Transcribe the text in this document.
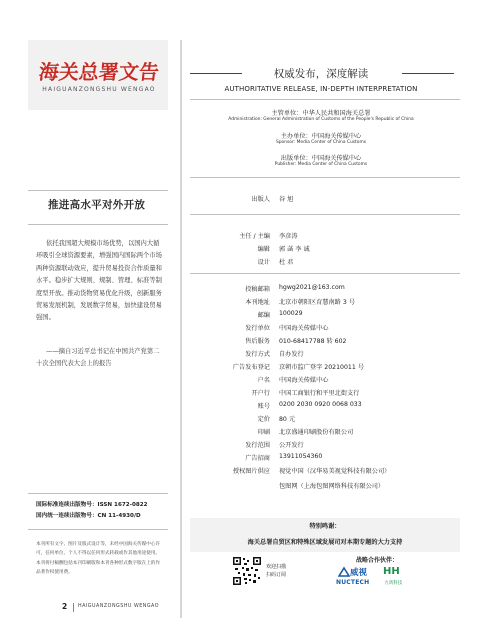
海关总署文告
HAIGUANZONGSHU WENGAO
推进高水平对外开放

依托我国超大规模市场优势，以国内大循环吸引全球资源要素，增强国内国际两个市场两种资源联动效应，提升贸易投资合作质量和水平。稳步扩大规则、规制、管理、标准等制度型开放。推动货物贸易优化升级，创新服务贸易发展机制，发展数字贸易，加快建设贸易强国。

——摘自习近平总书记在中国共产党第二十次全国代表大会上的报告

国际标准连续出版物号：ISSN 1672-0822
国内统一连续出版物号：CN 11-4930/D
本刊所有文字、图片及版式设计等，未经中国海关传媒中心许可，任何单位、个人不得以任何形式转载或作其他用途使用。本刊将付稿酬包括本刊印刷版和本刊各种形式数字版在上的作品著作权使用费。
2 HAIGUANZONGSHU WENGAO
权威发布，深度解读
AUTHORITATIVE RELEASE, IN-DEPTH INTERPRETATION
主管单位：中华人民共和国海关总署
Administration: General Administration of Customs of the People's Republic of China
主办单位：中国海关传媒中心
Sponsor: Media Center of China Customs
出版单位：中国海关传媒中心
Publisher: Media Center of China Customs
出版人 谷 旭
主任 / 主编 李彦涛
编辑 郭 菡 李 诚
设计 杜 君
投稿邮箱 hgwg2021@163.com
本刊地址 北京市朝阳区育慧南路 3 号
邮编 100029
发行单位 中国海关传媒中心
售后服务 010-68417788 转 602
发行方式 自办发行
广告发布登记 京朝市监广登字 20210011 号
户名 中国海关传媒中心
开户行 中国工商银行和平里北街支行
账号 0200 2030 0920 0068 033
定价 80 元
印刷 北京盛通印刷股份有限公司
发行范围 公开发行
广告招商 13911054360
授权图片供应 视觉中国（汉华易美视觉科技有限公司）
包图网（上海包图网络科技有限公司）
特别鸣谢：
海关总署自贸区和特殊区域发展司对本期专题的大力支持
欢迎扫描
扫码订阅
战略合作伙伴：
威视
NUCTECH
HH
力鸿科技
